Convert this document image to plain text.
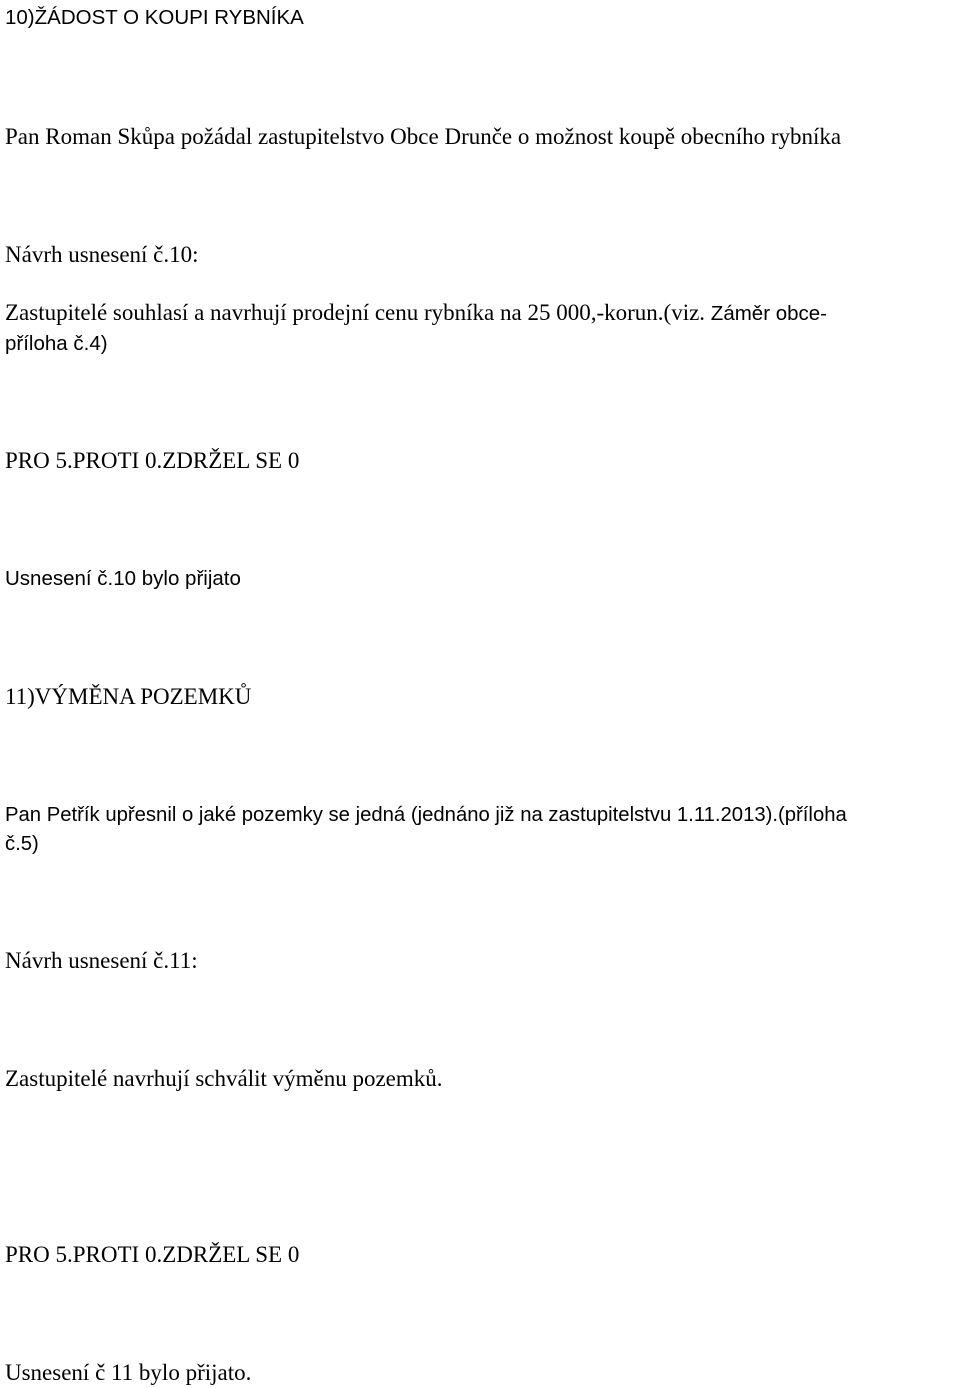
10)ŽÁDOST O KOUPI RYBNÍKA

Pan Roman Skůpa požádal zastupitelstvo Obce Drunče o možnost koupě obecního rybníka

Návrh usnesení č.10:

Zastupitelé souhlasí a navrhují prodejní cenu rybníka na 25 000,-korun.(viz. Záměr obce-

příloha č.4)

PRO 5.PROTI 0.ZDRŽEL SE 0

Usnesení č.10 bylo přijato

11)VÝMĚNA POZEMKŮ

Pan Petřík upřesnil o jaké pozemky se jedná (jednáno již na zastupitelstvu 1.11.2013).(příloha

č.5)

Návrh usnesení č.11:

Zastupitelé navrhují schválit výměnu pozemků.

PRO 5.PROTI 0.ZDRŽEL SE 0

Usnesení č 11 bylo přijato.
